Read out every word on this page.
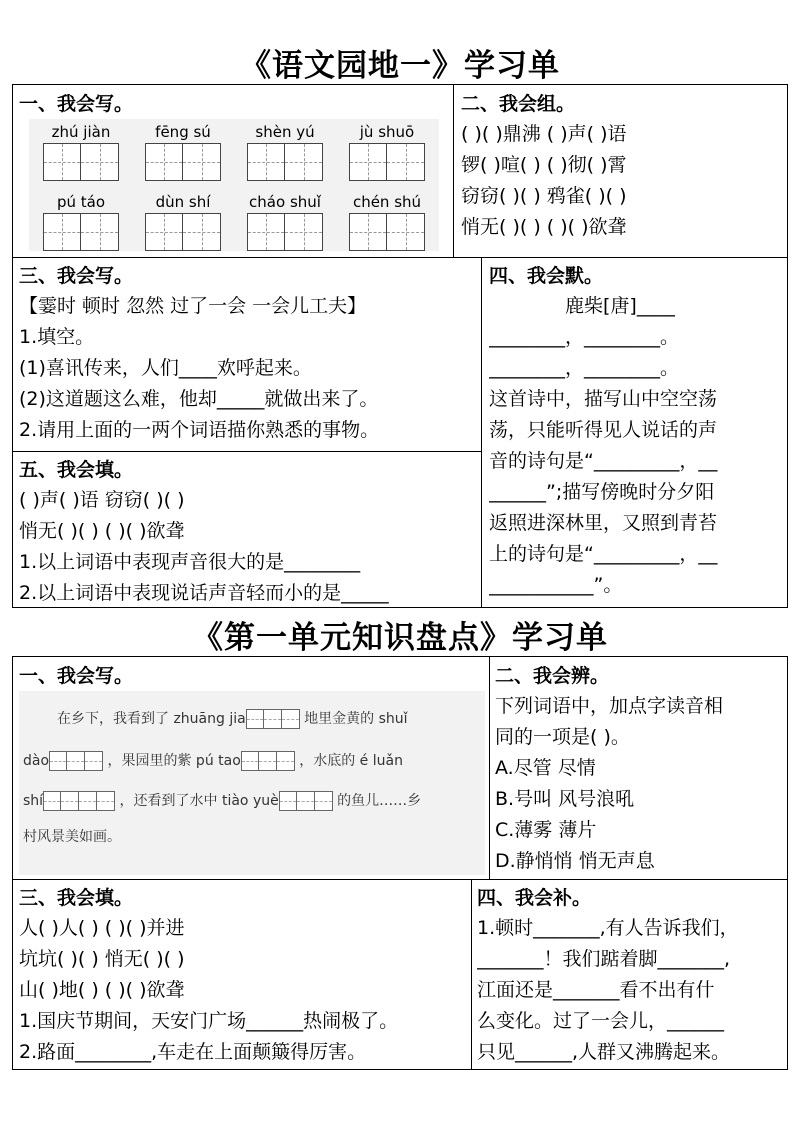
《语文园地一》学习单
一、我会写。
zhú jiàn	fēng sú	shèn yú	jù shuō
pú táo	dùn shí	cháo shuǐ	chén shú
二、我会组。
( )( )鼎沸 ( )声( )语
锣( )喧( ) ( )彻( )霄
窃窃( )( ) 鸦雀( )( )
悄无( )( ) ( )( )欲聋
三、我会写。
【霎时 顿时 忽然 过了一会 一会儿工夫】
1.填空。
(1)喜讯传来，人们____欢呼起来。
(2)这道题这么难，他却_____就做出来了。
2.请用上面的一两个词语描你熟悉的事物。
四、我会默。
鹿柴[唐]____
________，________。
________，________。
这首诗中，描写山中空空荡
荡，只能听得见人说话的声
音的诗句是“_________，__
______”;描写傍晚时分夕阳
返照进深林里，又照到青苔
上的诗句是“_________，__
___________”。
五、我会填。
( )声( )语 窃窃( )( )
悄无( )( ) ( )( )欲聋
1.以上词语中表现声音很大的是________
2.以上词语中表现说话声音轻而小的是_____
《第一单元知识盘点》学习单
一、我会写。
在乡下，我看到了 zhuāng jia	地里金黄的 shuǐ
dào	，果园里的紫 pú tao	，水底的 é luǎn
shí	，还看到了水中 tiào yuè	的鱼儿……乡
村风景美如画。
二、我会辨。
下列词语中，加点字读音相
同的一项是( )。
A.尽管 尽情
B.号叫 风号浪吼
C.薄雾 薄片
D.静悄悄 悄无声息
三、我会填。
人( )人( ) ( )( )并进
坑坑( )( ) 悄无( )( )
山( )地( ) ( )( )欲聋
1.国庆节期间，天安门广场______热闹极了。
2.路面________,车走在上面颠簸得厉害。
四、我会补。
1.顿时_______,有人告诉我们，
_______！我们踮着脚_______,
江面还是_______看不出有什
么变化。过了一会儿，______
只见______,人群又沸腾起来。
